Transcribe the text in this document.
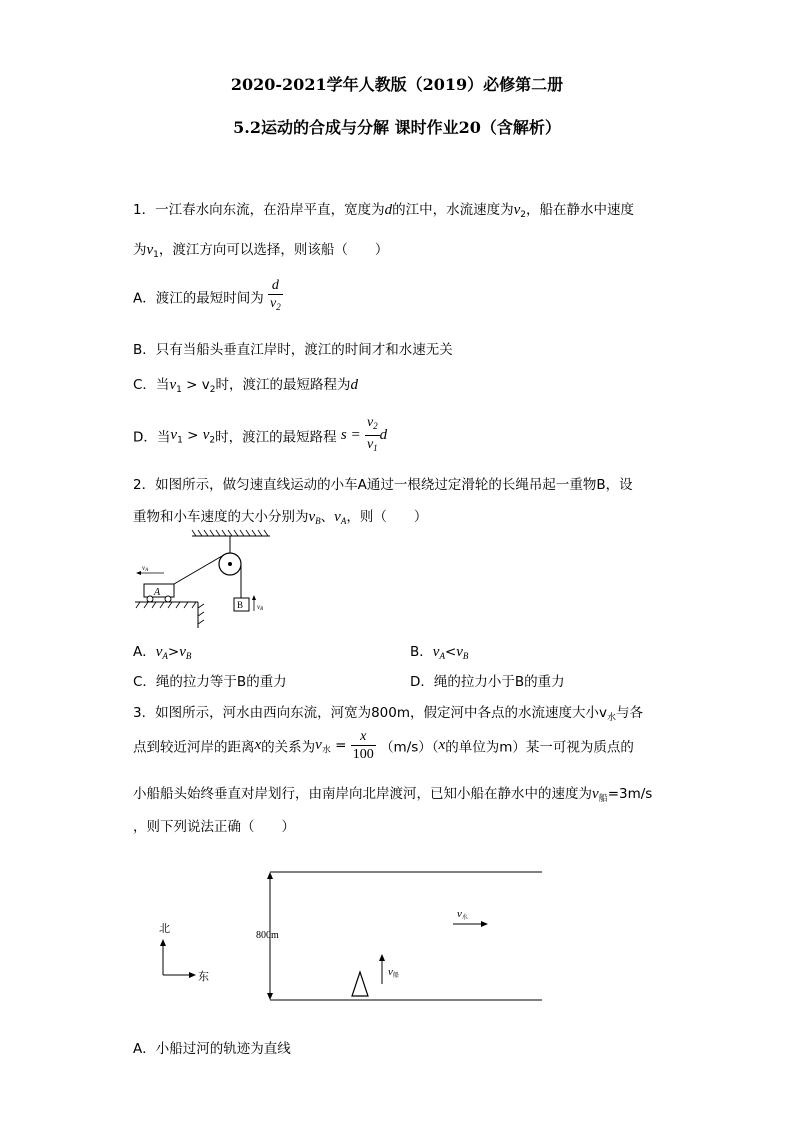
2020-2021学年人教版（2019）必修第二册
5.2运动的合成与分解 课时作业20（含解析）
1．一江春水向东流，在沿岸平直，宽度为d的江中，水流速度为$v_2$，船在静水中速度
为$v_1$，渡江方向可以选择，则该船（　　）
A．渡江的最短时间为 $\frac{d}{v_2}$
B．只有当船头垂直江岸时，渡江的时间才和水速无关
C．当$v_1 > v_2$时，渡江的最短路程为d
D．当$v_1 > v_2$时，渡江的最短路程 $s = \frac{v_2}{v_1}$ d
2．如图所示，做匀速直线运动的小车A通过一根绕过定滑轮的长绳吊起一重物B，设
重物和小车速度的大小分别为$v_B$、$v_A$，则（　　）
A
vA
B vB
A．$v_A>v_B$	B．$v_A<v_B$
C．绳的拉力等于B的重力	D．绳的拉力小于B的重力
3．如图所示，河水由西向东流，河宽为800m，假定河中各点的水流速度大小$v_水$与各
点到较近河岸的距离x的关系为$v_水 = \frac{x}{100} (m/s)(x$的单位为m）某一可视为质点的
小船船头始终垂直对岸划行，由南岸向北岸渡河，已知小船在静水中的速度为$v_船=3m/s$
，则下列说法正确（　　）
800m
北
东
v水
v船
A．小船过河的轨迹为直线
